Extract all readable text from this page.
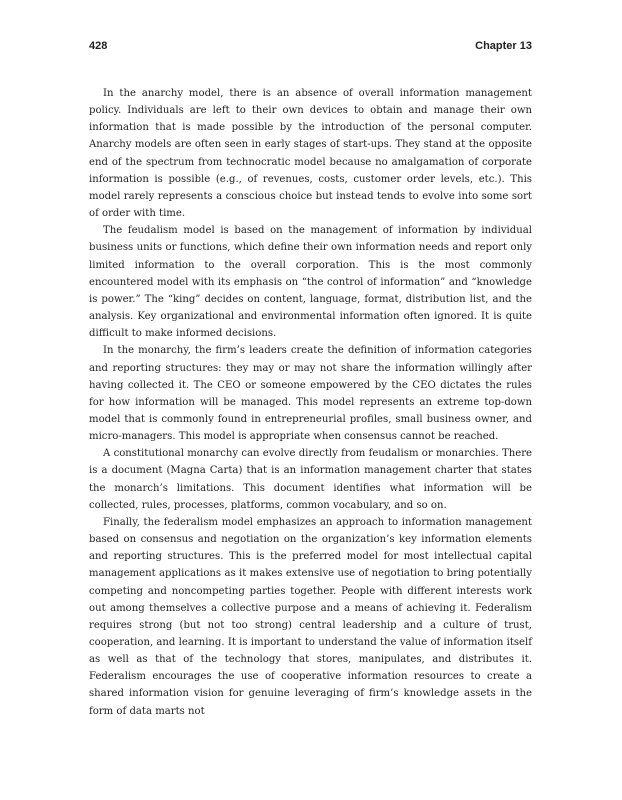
428	Chapter 13

In the anarchy model, there is an absence of overall information management policy. Individuals are left to their own devices to obtain and manage their own information that is made possible by the introduction of the personal computer. Anarchy models are often seen in early stages of start-ups. They stand at the opposite end of the spectrum from technocratic model because no amalgamation of corporate information is possible (e.g., of revenues, costs, customer order levels, etc.). This model rarely represents a conscious choice but instead tends to evolve into some sort of order with time.

The feudalism model is based on the management of information by individual business units or functions, which define their own information needs and report only limited information to the overall corporation. This is the most commonly encountered model with its emphasis on “the control of information” and “knowledge is power.” The “king” decides on content, language, format, distribution list, and the analysis. Key organizational and environmental information often ignored. It is quite difficult to make informed decisions.

In the monarchy, the firm’s leaders create the definition of information categories and reporting structures: they may or may not share the information willingly after having collected it. The CEO or someone empowered by the CEO dictates the rules for how information will be managed. This model represents an extreme top-down model that is commonly found in entrepreneurial profiles, small business owner, and micro-managers. This model is appropriate when consensus cannot be reached.

A constitutional monarchy can evolve directly from feudalism or monarchies. There is a document (Magna Carta) that is an information management charter that states the monarch’s limitations. This document identifies what information will be collected, rules, processes, platforms, common vocabulary, and so on.

Finally, the federalism model emphasizes an approach to information management based on consensus and negotiation on the organization’s key information elements and reporting structures. This is the preferred model for most intellectual capital management applications as it makes extensive use of negotiation to bring potentially competing and noncompeting parties together. People with different interests work out among themselves a collective purpose and a means of achieving it. Federalism requires strong (but not too strong) central leadership and a culture of trust, cooperation, and learning. It is important to understand the value of information itself as well as that of the technology that stores, manipulates, and distributes it. Federalism encourages the use of cooperative information resources to create a shared information vision for genuine leveraging of firm’s knowledge assets in the form of data marts not
